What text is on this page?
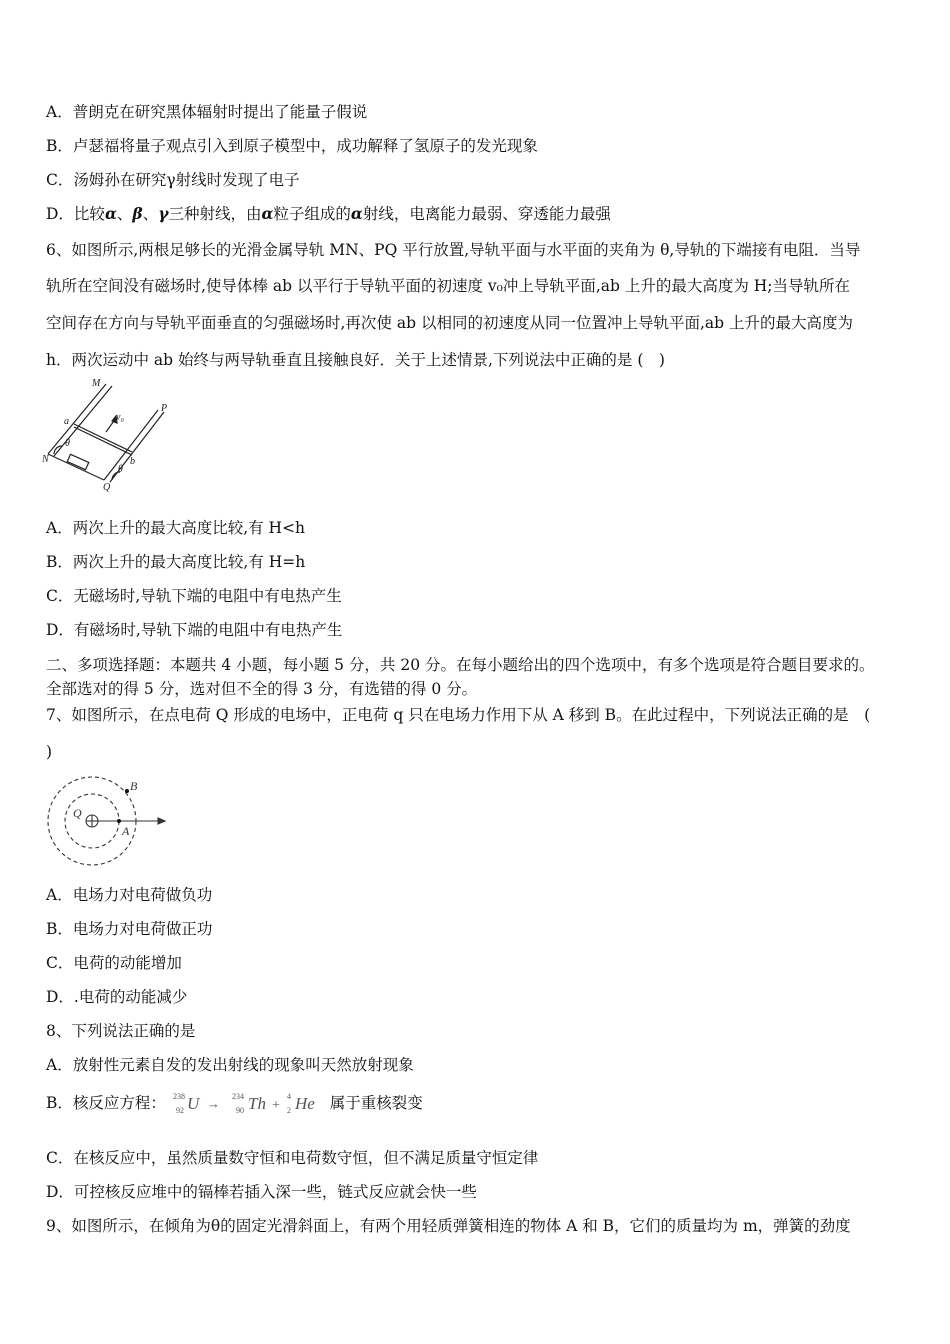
A．普朗克在研究黑体辐射时提出了能量子假说
B．卢瑟福将量子观点引入到原子模型中，成功解释了氢原子的发光现象
C．汤姆孙在研究γ射线时发现了电子
D．比较α、β、γ三种射线，由α粒子组成的α射线，电离能力最弱、穿透能力最强
6、如图所示,两根足够长的光滑金属导轨 MN、PQ 平行放置,导轨平面与水平面的夹角为 θ,导轨的下端接有电阻．当导
轨所在空间没有磁场时,使导体棒 ab 以平行于导轨平面的初速度 v₀冲上导轨平面,ab 上升的最大高度为 H;当导轨所在
空间存在方向与导轨平面垂直的匀强磁场时,再次使 ab 以相同的初速度从同一位置冲上导轨平面,ab 上升的最大高度为
h．两次运动中 ab 始终与两导轨垂直且接触良好．关于上述情景,下列说法中正确的是 (　)
M
P
N
Q
a
b
v₀
θ
θ
A．两次上升的最大高度比较,有 H<h
B．两次上升的最大高度比较,有 H=h
C．无磁场时,导轨下端的电阻中有电热产生
D．有磁场时,导轨下端的电阻中有电热产生
二、多项选择题：本题共 4 小题，每小题 5 分，共 20 分。在每小题给出的四个选项中，有多个选项是符合题目要求的。
全部选对的得 5 分，选对但不全的得 3 分，有选错的得 0 分。
7、如图所示，在点电荷 Q 形成的电场中，正电荷 q 只在电场力作用下从 A 移到 B。在此过程中，下列说法正确的是　(
)
Q
A
B
A．电场力对电荷做负功
B．电场力对电荷做正功
C．电荷的动能增加
D．.电荷的动能减少
8、下列说法正确的是
A．放射性元素自发的发出射线的现象叫天然放射现象
B．核反应方程： 238
92 U → 234
90 Th +
4
2 He 属于重核裂变
C．在核反应中，虽然质量数守恒和电荷数守恒，但不满足质量守恒定律
D．可控核反应堆中的镉棒若插入深一些，链式反应就会快一些
9、如图所示，在倾角为θ的固定光滑斜面上，有两个用轻质弹簧相连的物体 A 和 B，它们的质量均为 m，弹簧的劲度
